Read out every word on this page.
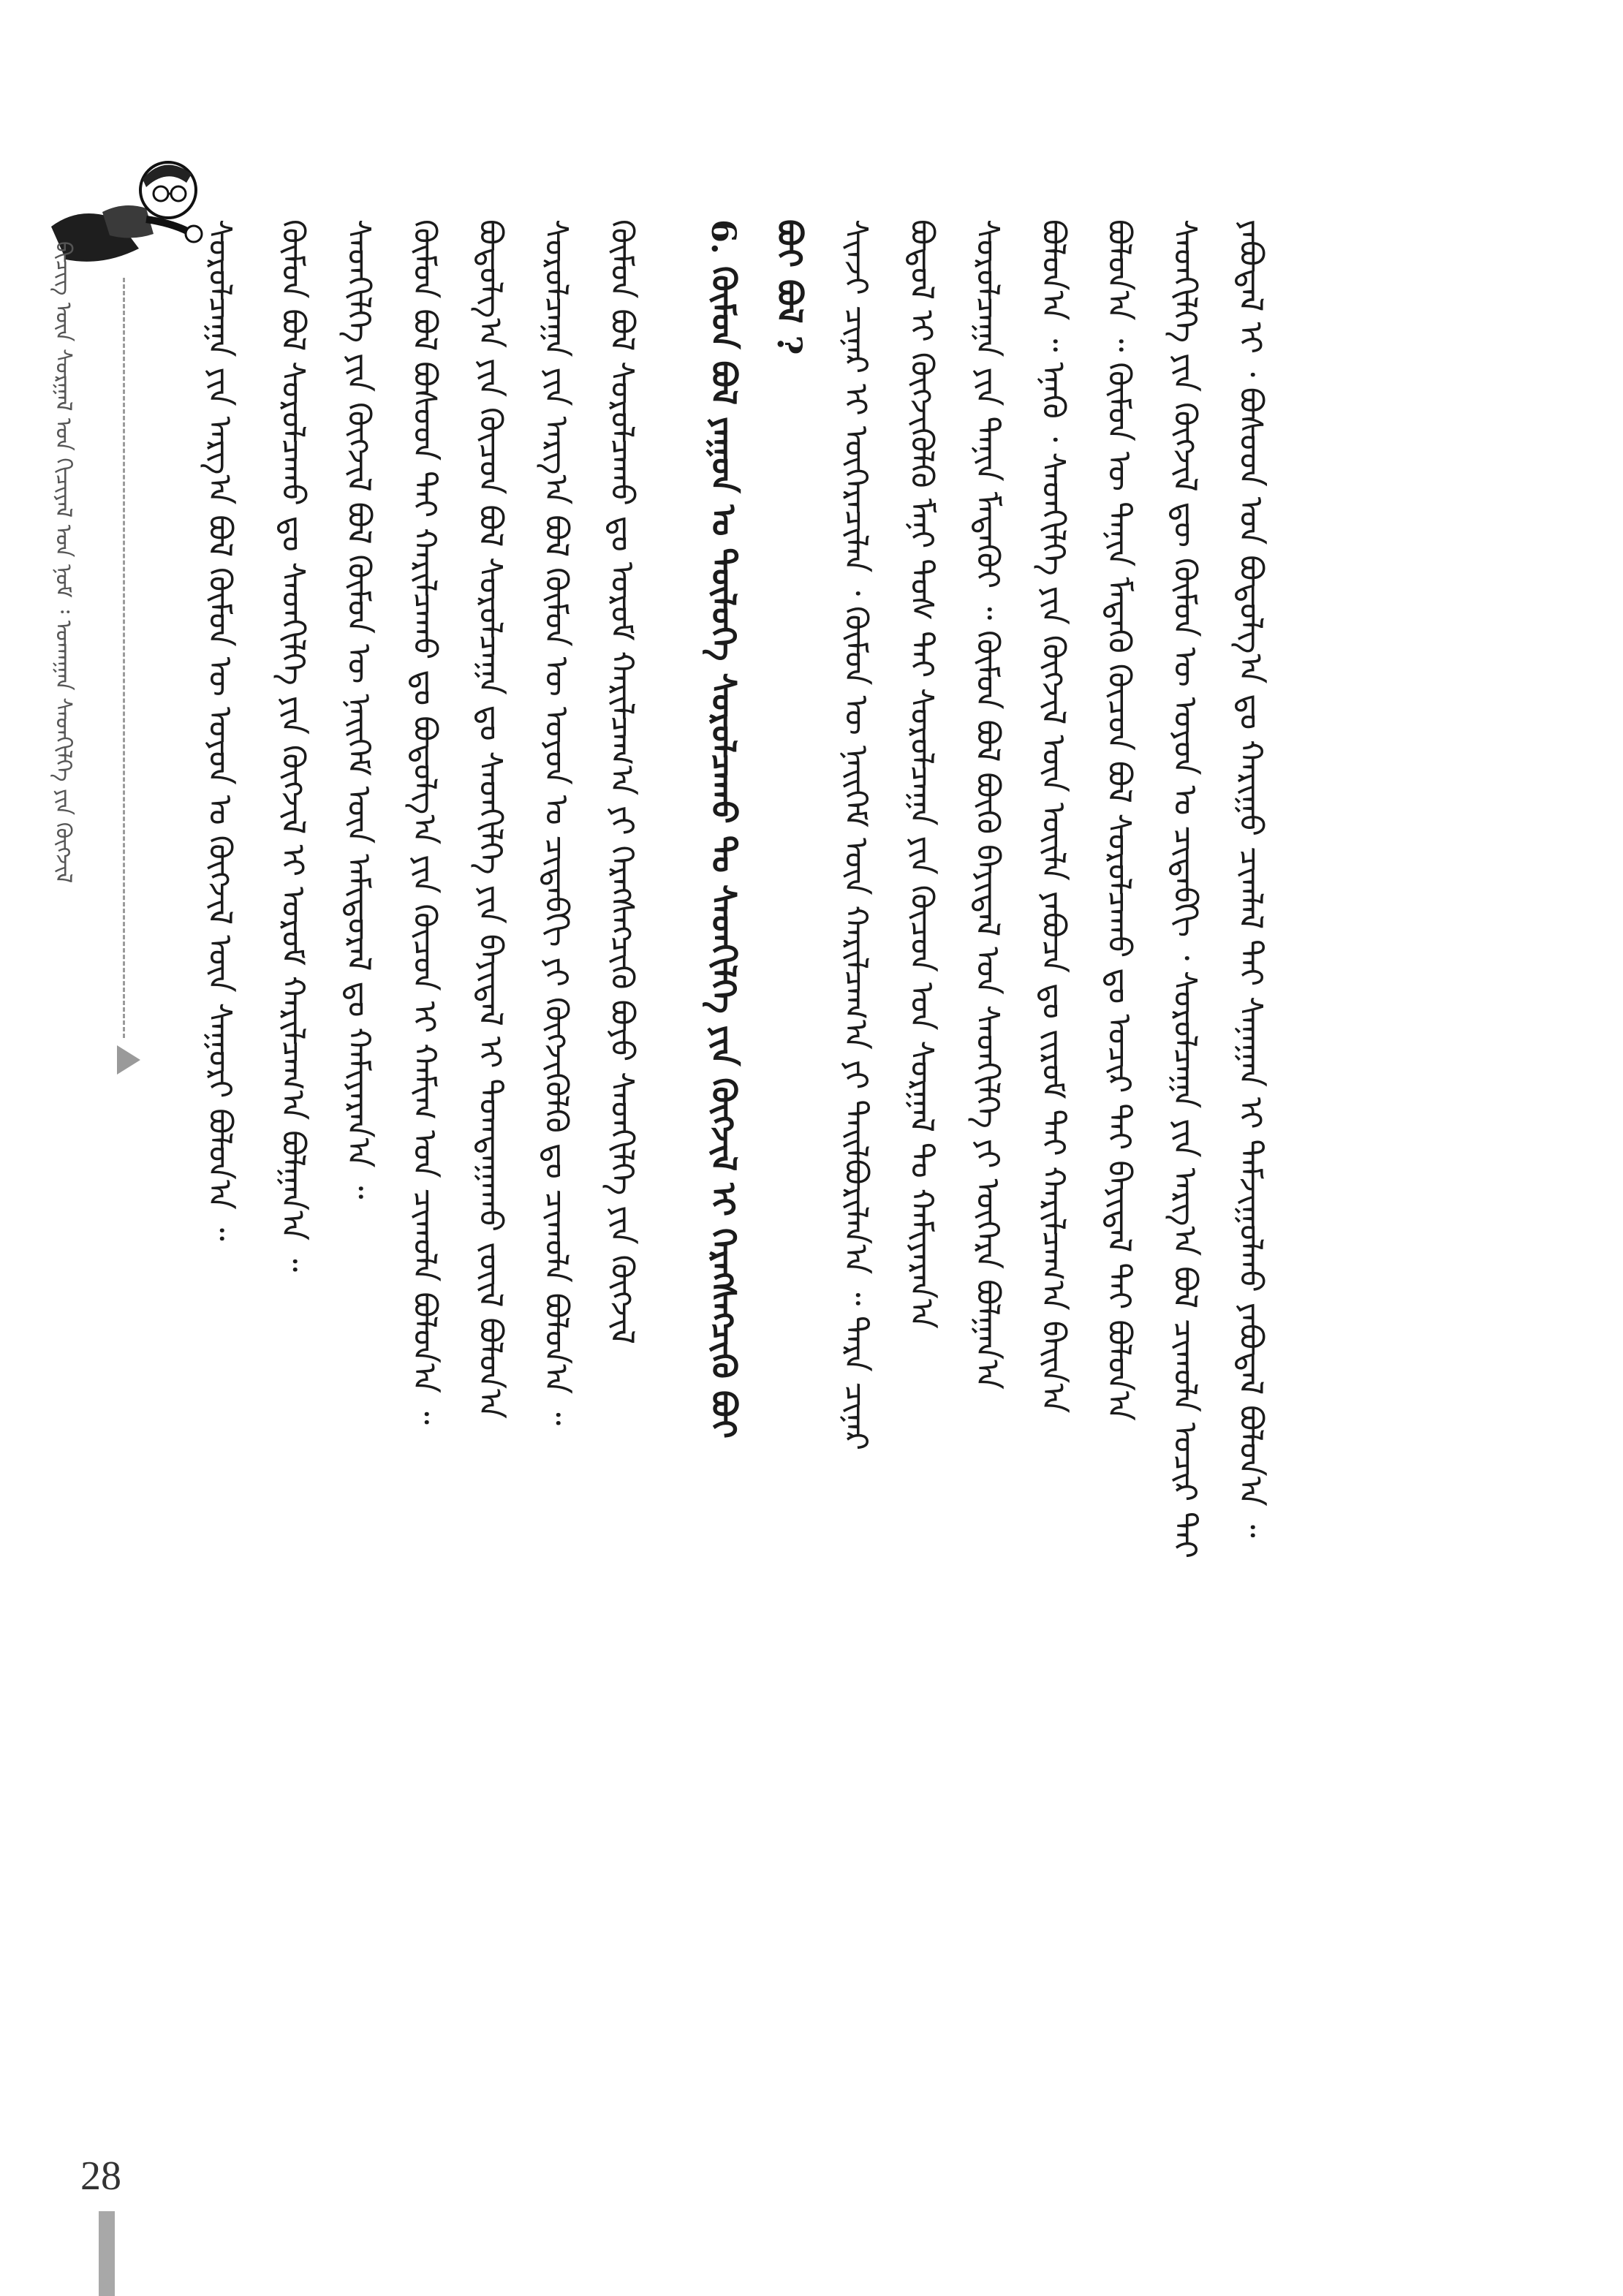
ᠪᠢᠴᠢᠭ᠌ ᠦᠨ ᠰᠤᠷᠭᠠᠯ ᠤᠨ ᠬᠢᠴᠢᠶᠡᠯ ᠤᠨ ᠨᠣᠮ ᠄ ᠤᠬᠠᠭᠠᠨ ᠰᠡᠳᠬᠢᠯᠭᠡ ᠶᠢᠨ ᠬᠥᠭᠵᠢᠯ	ᠰᠤᠷᠤᠯᠴᠠᠭᠠ ᠶᠢᠨ ᠠᠷᠭ᠎ᠠ ᠪᠣᠯ ᠬᠦᠮᠦᠨ ᠦ ᠣᠶᠤᠨ ᠤ ᠬᠥᠭᠵᠢᠯ ᠦᠨ ᠰᠠᠭᠤᠷᠢ ᠪᠣᠯᠤᠨ᠎ᠠ ᠃ ᠬᠦᠮᠦᠨ ᠪᠣᠯ ᠰᠤᠷᠤᠯᠴᠠᠬᠤ ᠳᠤ ᠰᠡᠳᠬᠢᠯᠭᠡ ᠶᠢᠨ ᠬᠥᠭᠵᠢᠯ ᠢ ᠤᠷᠤᠮ ᠬᠠᠷᠢᠯᠴᠠᠭ᠎ᠠ ᠪᠣᠯᠭᠠᠨ᠎ᠠ ᠃ ᠰᠡᠳᠬᠢᠯᠭᠡ ᠶᠢᠨ ᠬᠥᠭᠵᠢᠯ ᠪᠣᠯ ᠬᠦᠮᠦᠨ ᠦ ᠨᠡᠢᠭᠡᠮ ᠦᠨ ᠠᠮᠢᠳᠤᠷᠠᠯ ᠳᠤ ᠬᠠᠮᠢᠶᠠᠷᠠᠨ᠎ᠠ ᠃ ᠬᠦᠮᠦᠨ ᠪᠣᠯ ᠪᠤᠰᠤᠳ ᠲᠠᠢ ᠬᠠᠷᠢᠯᠴᠠᠬᠤ ᠳᠤ ᠪᠣᠳᠣᠯᠭ᠎ᠠ ᠶᠢᠨ ᠬᠦᠴᠦᠨ ᠢ ᠬᠠᠮᠢᠭ ᠤᠨ ᠴᠢᠬᠤᠯᠠ ᠪᠣᠯᠤᠨ᠎ᠠ ᠃ ᠪᠣᠳᠣᠯᠭ᠎ᠠ ᠶᠢᠨ ᠬᠦᠴᠦᠨ ᠪᠣᠯ ᠰᠤᠷᠤᠯᠴᠠᠭᠠ ᠳᠤ ᠰᠡᠳᠬᠢᠯᠭᠡ ᠶᠢᠨ ᠪᠠᠶᠢᠳᠠᠯ ᠢ ᠲᠣᠭᠲᠠᠭᠠᠬᠤ ᠵᠦᠢᠯ ᠪᠣᠯᠤᠨ᠎ᠠ ᠰᠤᠷᠤᠯᠴᠠᠭᠠ ᠶᠢᠨ ᠠᠷᠭ᠎ᠠ ᠪᠣᠯ ᠬᠦᠮᠦᠨ ᠦ ᠣᠶᠤᠨ ᠤ ᠴᠢᠳᠠᠪᠬᠢ ᠶᠢ ᠬᠥᠭᠵᠢᠭᠦᠯᠬᠦ ᠳᠤ ᠴᠢᠬᠤᠯᠠ ᠪᠣᠯᠤᠨ᠎ᠠ ᠃ ᠬᠦᠮᠦᠨ ᠪᠣᠯ ᠰᠤᠷᠤᠯᠴᠠᠬᠤ ᠳᠤ ᠤᠷᠤᠮ ᠬᠠᠷᠢᠯᠴᠠᠭ᠎ᠠ ᠶᠢ ᠬᠡᠷᠡᠭᠰᠡᠭᠴᠢᠬᠦ ᠪᠤᠶᠤ ᠰᠡᠳᠬᠢᠯᠭᠡ ᠶᠢᠨ ᠬᠥᠭᠵᠢᠯ 6. ᠬᠦᠮᠦᠨ ᠪᠣᠯ ᠶᠠᠭᠤᠨ ᠤ ᠲᠥᠯᠦᠭᠡ ᠰᠤᠷᠤᠯᠴᠠᠬᠤ ᠲᠤ ᠰᠡᠳᠬᠢᠯᠭᠡ ᠶᠢᠨ ᠬᠥᠭᠵᠢᠯ ᠢ ᠬᠡᠷᠡᠭᠰᠡᠭᠴᠢᠬᠦ ᠪᠣᠢ ᠪᠣᠢ ᠪᠣᠯ ? ᠰᠢᠨᠵᠢ ᠴᠢᠨᠠᠷ ᠢ ᠥᠭᠡᠷᠡᠴᠢᠯᠡᠨ ᠂ ᠬᠦᠮᠦᠨ ᠦ ᠨᠡᠢᠭᠡᠮ ᠦᠨ ᠬᠠᠷᠢᠯᠴᠠᠭ᠎ᠠ ᠶᠢ ᠲᠠᠢᠯᠪᠤᠷᠢᠯᠠᠨ᠎ᠠ ᠃ ᠲᠡᠷᠡ ᠴᠢᠨᠠᠷ ᠪᠣᠳᠤᠯ ᠢ ᠬᠥᠭᠵᠢᠭᠦᠯᠬᠦ ᠮᠠᠨᠢ ᠲᠤᠰ ᠲᠠᠢ ᠰᠤᠷᠤᠯᠴᠠᠭᠠ ᠶᠢᠨ ᠬᠦᠴᠦᠨ ᠤᠨ ᠰᠤᠷᠭᠠᠯ ᠲᠤ ᠬᠠᠮᠢᠶᠠᠷᠠᠨ᠎ᠠ ᠰᠤᠷᠤᠯᠴᠠᠭᠠ ᠶᠢᠨ ᠲᠠᠨᠢᠨ ᠮᠡᠳᠡᠬᠦᠢ ᠃ ᠬᠦᠮᠦᠨ ᠪᠣᠯ ᠪᠦᠬᠦ ᠪᠠᠶᠢᠳᠠᠯ ᠤᠨ ᠰᠡᠳᠬᠢᠯᠭᠡ ᠶᠢ ᠥᠭᠡᠷᠡ ᠪᠣᠯᠭᠠᠨ᠎ᠠ ᠪᠣᠯᠤᠨ᠎ᠠ ᠃ ᠡᠨᠡᠬᠦ ᠂ ᠰᠡᠳᠬᠢᠯᠭᠡ ᠶᠢᠨ ᠬᠥᠭᠵᠢᠯ ᠦᠨ ᠦᠢᠯᠡ ᠶᠠᠪᠤᠴᠠ ᠳᠤ ᠵᠢᠷᠤᠮ ᠲᠠᠢ ᠬᠠᠷᠢᠯᠴᠠᠭ᠎ᠠ ᠪᠠᠢᠨ᠎ᠠ ᠪᠣᠯᠤᠨ᠎ᠠ ᠃ ᠬᠦᠮᠦᠨ ᠦ ᠲᠠᠨᠢᠨ ᠮᠡᠳᠡᠬᠦ ᠬᠦᠴᠦᠨ ᠪᠣᠯ ᠰᠤᠷᠤᠯᠴᠠᠬᠤ ᠳᠤ ᠤᠴᠢᠷ ᠲᠠᠢ ᠪᠠᠶᠢᠳᠠᠯ ᠲᠠᠢ ᠪᠣᠯᠤᠨ᠎ᠠ ᠰᠡᠳᠬᠢᠯᠭᠡ ᠶᠢᠨ ᠬᠥᠭᠵᠢᠯ ᠳᠦ ᠬᠦᠮᠦᠨ ᠦ ᠣᠶᠤᠨ ᠤ ᠴᠢᠳᠠᠪᠬᠢ ᠂ ᠰᠤᠷᠤᠯᠴᠠᠭᠠ ᠶᠢᠨ ᠠᠷᠭ᠎ᠠ ᠪᠣᠯ ᠴᠢᠬᠤᠯᠠ ᠤᠴᠢᠷ ᠲᠠᠢ ᠶᠠᠪᠤᠳᠠᠯ ᠢ ᠂ ᠪᠤᠰᠤᠳ ᠤᠨ ᠪᠣᠳᠣᠯᠭ᠎ᠠ ᠳᠤ ᠬᠠᠷᠢᠭᠤ ᠴᠢᠭᠯᠠᠯ ᠲᠠᠢ ᠰᠠᠨᠠᠭᠠᠨ ᠢ ᠳᠠᠮᠵᠢᠭᠤᠯᠬᠤ ᠶᠠᠪᠤᠳᠠᠯ ᠪᠣᠯᠤᠨ᠎ᠠ ᠃
28
